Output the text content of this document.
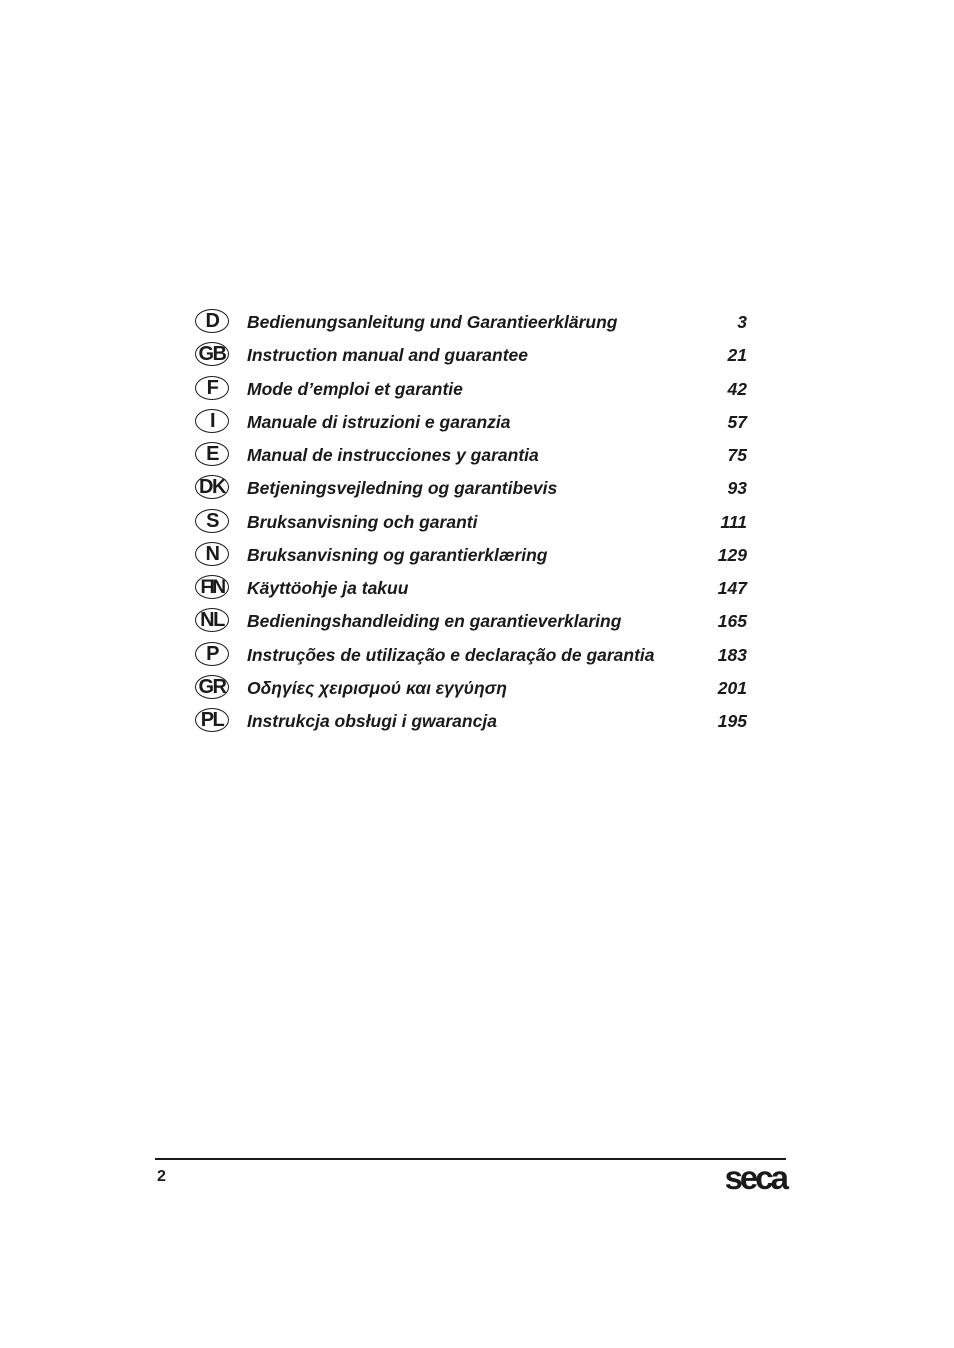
D	Bedienungsanleitung und Garantieerklärung	3
GB Instruction manual and guarantee	21
F	Mode d’emploi et garantie	42
I	Manuale di istruzioni e garanzia	57
E	Manual de instrucciones y garantia	75
DK Betjeningsvejledning og garantibevis	93
S	Bruksanvisning och garanti	111
N	Bruksanvisning og garantierklæring	129
FIN	Käyttöohje ja takuu	147
NL Bedieningshandleiding en garantieverklaring	165
P	Instruções de utilização e declaração de garantia	183
GR Οδηγίες χειρισμού και εγγύηση	201
PL	Instrukcja obsługi i gwarancja	195
2	seca
